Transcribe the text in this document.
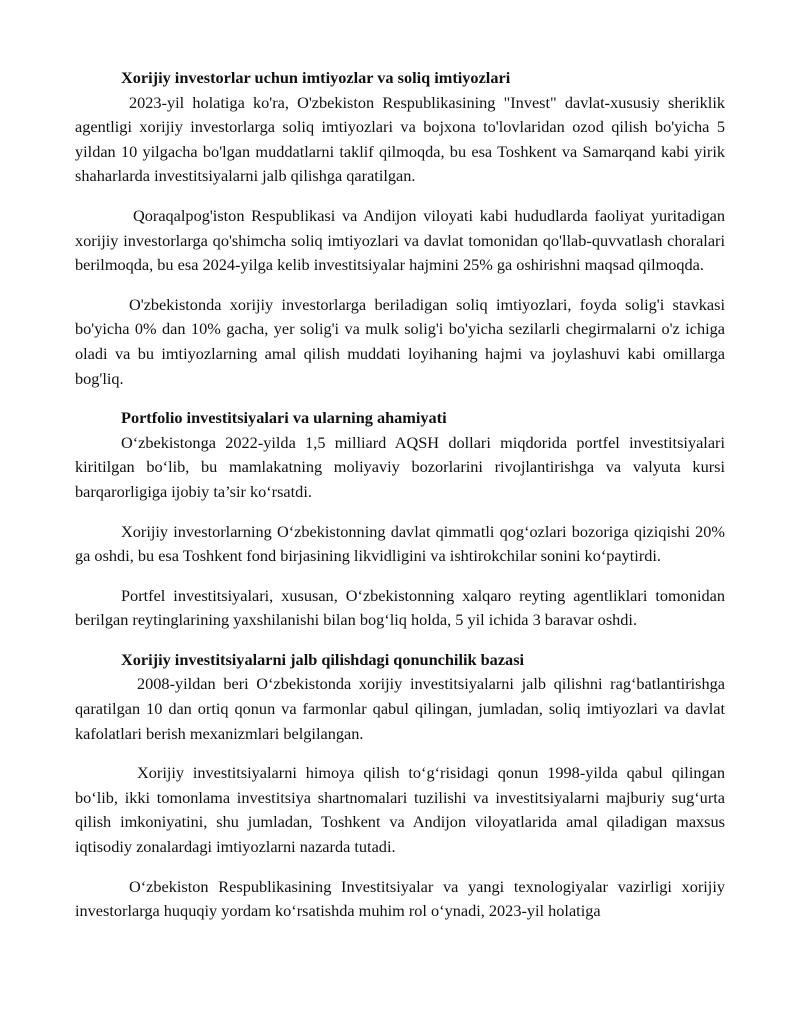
Xorijiy investorlar uchun imtiyozlar va soliq imtiyozlari

2023-yil holatiga ko'ra, O'zbekiston Respublikasining "Invest" davlat-xususiy sheriklik agentligi xorijiy investorlarga soliq imtiyozlari va bojxona to'lovlaridan ozod qilish bo'yicha 5 yildan 10 yilgacha bo'lgan muddatlarni taklif qilmoqda, bu esa Toshkent va Samarqand kabi yirik shaharlarda investitsiyalarni jalb qilishga qaratilgan.

Qoraqalpog'iston Respublikasi va Andijon viloyati kabi hududlarda faoliyat yuritadigan xorijiy investorlarga qo'shimcha soliq imtiyozlari va davlat tomonidan qo'llab-quvvatlash choralari berilmoqda, bu esa 2024-yilga kelib investitsiyalar hajmini 25% ga oshirishni maqsad qilmoqda.

O'zbekistonda xorijiy investorlarga beriladigan soliq imtiyozlari, foyda solig'i stavkasi bo'yicha 0% dan 10% gacha, yer solig'i va mulk solig'i bo'yicha sezilarli chegirmalarni o'z ichiga oladi va bu imtiyozlarning amal qilish muddati loyihaning hajmi va joylashuvi kabi omillarga bog'liq.

Portfolio investitsiyalari va ularning ahamiyati

O‘zbekistonga 2022-yilda 1,5 milliard AQSH dollari miqdorida portfel investitsiyalari kiritilgan bo‘lib, bu mamlakatning moliyaviy bozorlarini rivojlantirishga va valyuta kursi barqarorligiga ijobiy ta’sir ko‘rsatdi.

Xorijiy investorlarning O‘zbekistonning davlat qimmatli qog‘ozlari bozoriga qiziqishi 20% ga oshdi, bu esa Toshkent fond birjasining likvidligini va ishtirokchilar sonini ko‘paytirdi.

Portfel investitsiyalari, xususan, O‘zbekistonning xalqaro reyting agentliklari tomonidan berilgan reytinglarining yaxshilanishi bilan bog‘liq holda, 5 yil ichida 3 baravar oshdi.

Xorijiy investitsiyalarni jalb qilishdagi qonunchilik bazasi

2008-yildan beri O‘zbekistonda xorijiy investitsiyalarni jalb qilishni rag‘batlantirishga qaratilgan 10 dan ortiq qonun va farmonlar qabul qilingan, jumladan, soliq imtiyozlari va davlat kafolatlari berish mexanizmlari belgilangan.

Xorijiy investitsiyalarni himoya qilish to‘g‘risidagi qonun 1998-yilda qabul qilingan bo‘lib, ikki tomonlama investitsiya shartnomalari tuzilishi va investitsiyalarni majburiy sug‘urta qilish imkoniyatini, shu jumladan, Toshkent va Andijon viloyatlarida amal qiladigan maxsus iqtisodiy zonalardagi imtiyozlarni nazarda tutadi.

O‘zbekiston Respublikasining Investitsiyalar va yangi texnologiyalar vazirligi xorijiy investorlarga huquqiy yordam ko‘rsatishda muhim rol o‘ynadi, 2023-yil holatiga
